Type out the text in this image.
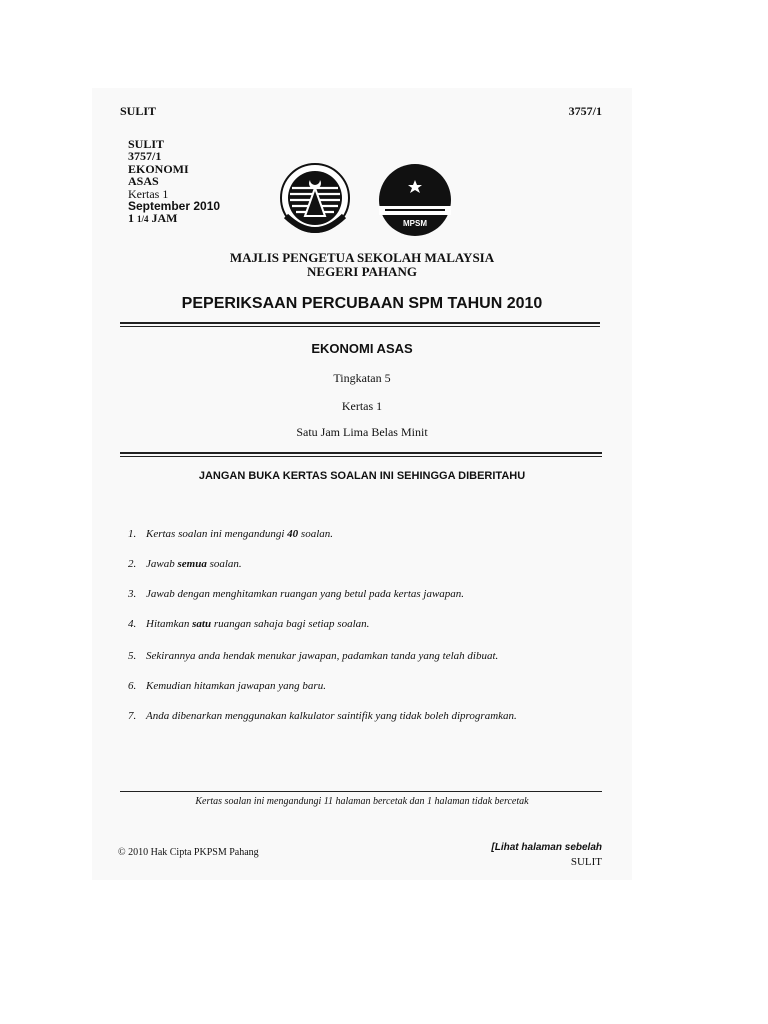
SULIT	3757/1
SULIT
3757/1
EKONOMI
ASAS
Kertas 1
September 2010
1 1/4 JAM	MPSM
MAJLIS PENGETUA SEKOLAH MALAYSIA
NEGERI PAHANG
PEPERIKSAAN PERCUBAAN SPM TAHUN 2010
EKONOMI ASAS
Tingkatan 5
Kertas 1
Satu Jam Lima Belas Minit
JANGAN BUKA KERTAS SOALAN INI SEHINGGA DIBERITAHU
1. Kertas soalan ini mengandungi 40 soalan.
2. Jawab semua soalan.
3. Jawab dengan menghitamkan ruangan yang betul pada kertas jawapan.
4. Hitamkan satu ruangan sahaja bagi setiap soalan.
5. Sekirannya anda hendak menukar jawapan, padamkan tanda yang telah dibuat.
6. Kemudian hitamkan jawapan yang baru.
7. Anda dibenarkan menggunakan kalkulator saintifik yang tidak boleh diprogramkan.
Kertas soalan ini mengandungi 11 halaman bercetak dan 1 halaman tidak bercetak
© 2010 Hak Cipta PKPSM Pahang	[Lihat halaman sebelah
SULIT
